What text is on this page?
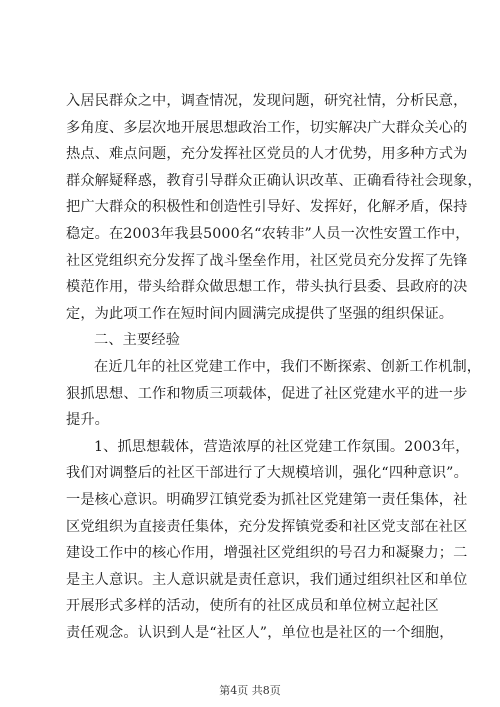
入居民群众之中，调查情况，发现问题，研究社情，分析民意，
多角度、多层次地开展思想政治工作，切实解决广大群众关心的
热点、难点问题，充分发挥社区党员的人才优势，用多种方式为
群众解疑释惑，教育引导群众正确认识改革、正确看待社会现象，
把广大群众的积极性和创造性引导好、发挥好，化解矛盾，保持
稳定。在2003年我县5000名“农转非”人员一次性安置工作中，
社区党组织充分发挥了战斗堡垒作用，社区党员充分发挥了先锋
模范作用，带头给群众做思想工作，带头执行县委、县政府的决
定，为此项工作在短时间内圆满完成提供了坚强的组织保证。
二、主要经验
在近几年的社区党建工作中，我们不断探索、创新工作机制，
狠抓思想、工作和物质三项载体，促进了社区党建水平的进一步
提升。
1、抓思想载体，营造浓厚的社区党建工作氛围。2003年，
我们对调整后的社区干部进行了大规模培训，强化“四种意识”。
一是核心意识。明确罗江镇党委为抓社区党建第一责任集体，社
区党组织为直接责任集体，充分发挥镇党委和社区党支部在社区
建设工作中的核心作用，增强社区党组织的号召力和凝聚力；二
是主人意识。主人意识就是责任意识，我们通过组织社区和单位
开展形式多样的活动，使所有的社区成员和单位树立起社区
责任观念。认识到人是“社区人”，单位也是社区的一个细胞，
第4页 共8页
